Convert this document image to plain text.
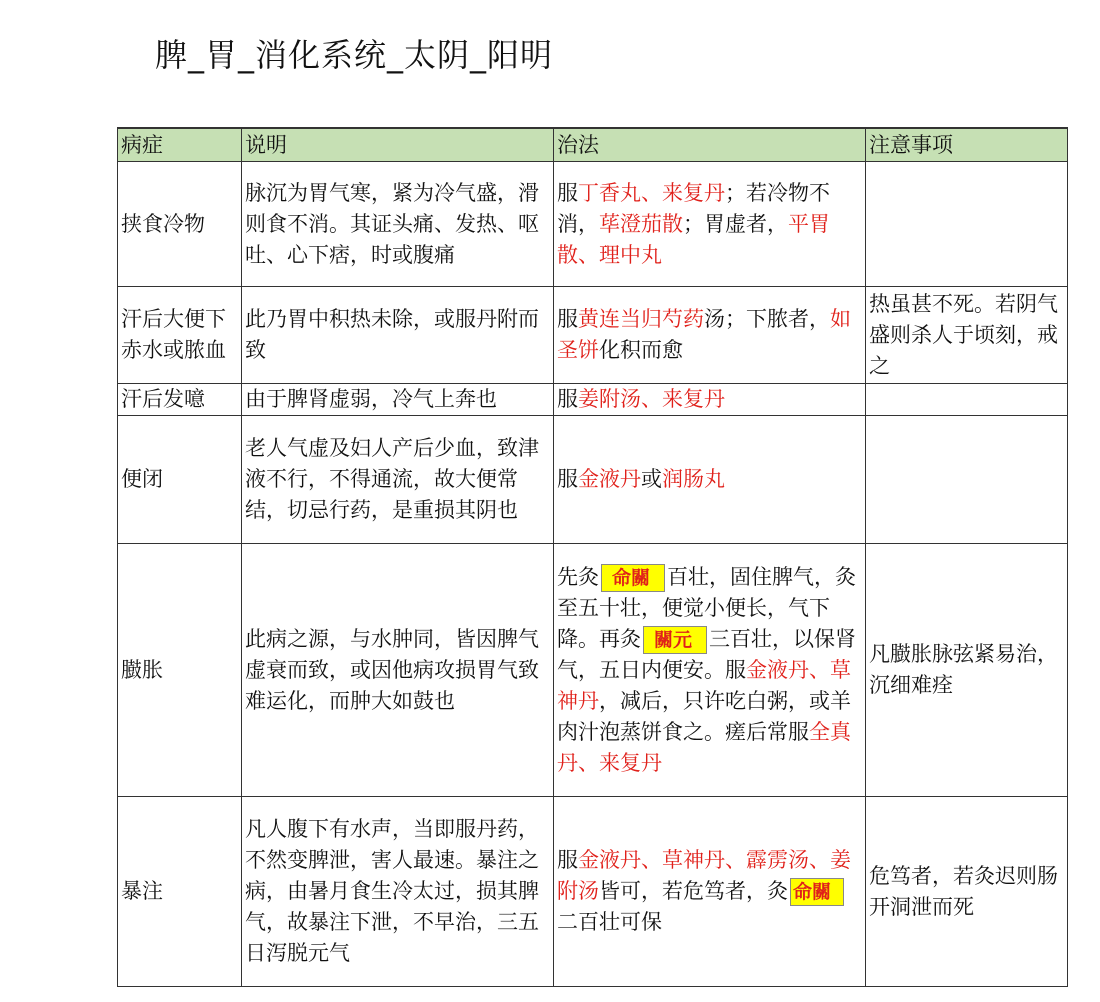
脾_胃_消化系统_太阴_阳明
病症	说明	治法	注意事项
挟食冷物	脉沉为胃气寒，紧为冷气盛，滑则食不消。其证头痛、发热、呕吐、心下痞，时或腹痛	服丁香丸、来复丹；若冷物不消，荜澄茄散；胃虚者，平胃散、理中丸	
汗后大便下赤水或脓血	此乃胃中积热未除，或服丹附而致	服黄连当归芍药汤；下脓者，如圣饼化积而愈	热虽甚不死。若阴气盛则杀人于顷刻，戒之
汗后发噫	由于脾肾虚弱，冷气上奔也	服姜附汤、来复丹	
便闭	老人气虚及妇人产后少血，致津液不行，不得通流，故大便常结，切忌行药，是重损其阴也	服金液丹或润肠丸	
臌胀	此病之源，与水肿同，皆因脾气虚衰而致，或因他病攻损胃气致难运化，而肿大如鼓也	先灸 命關 百壮，固住脾气，灸至五十壮，便觉小便长，气下降。再灸 關元 三百壮，以保肾气，五日内便安。服金液丹、草神丹，减后，只许吃白粥，或羊肉汁泡蒸饼食之。瘥后常服全真丹、来复丹	凡臌胀脉弦紧易治，沉细难痊
暴注	凡人腹下有水声，当即服丹药，不然变脾泄，害人最速。暴注之病，由暑月食生冷太过，损其脾气，故暴注下泄，不早治，三五日泻脱元气	服金液丹、草神丹、霹雳汤、姜附汤皆可，若危笃者，灸 命關二百壮可保	危笃者，若灸迟则肠开洞泄而死
